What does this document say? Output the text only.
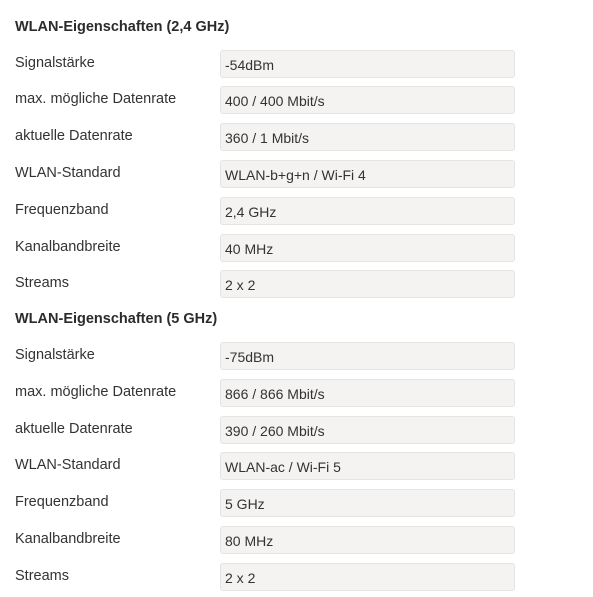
WLAN-Eigenschaften (2,4 GHz)
Signalstärke	-54dBm
max. mögliche Datenrate	400 / 400 Mbit/s
aktuelle Datenrate	360 / 1 Mbit/s
WLAN-Standard	WLAN-b+g+n / Wi-Fi 4
Frequenzband	2,4 GHz
Kanalbandbreite	40 MHz
Streams	2 x 2
WLAN-Eigenschaften (5 GHz)
Signalstärke	-75dBm
max. mögliche Datenrate	866 / 866 Mbit/s
aktuelle Datenrate	390 / 260 Mbit/s
WLAN-Standard	WLAN-ac / Wi-Fi 5
Frequenzband	5 GHz
Kanalbandbreite	80 MHz
Streams	2 x 2
